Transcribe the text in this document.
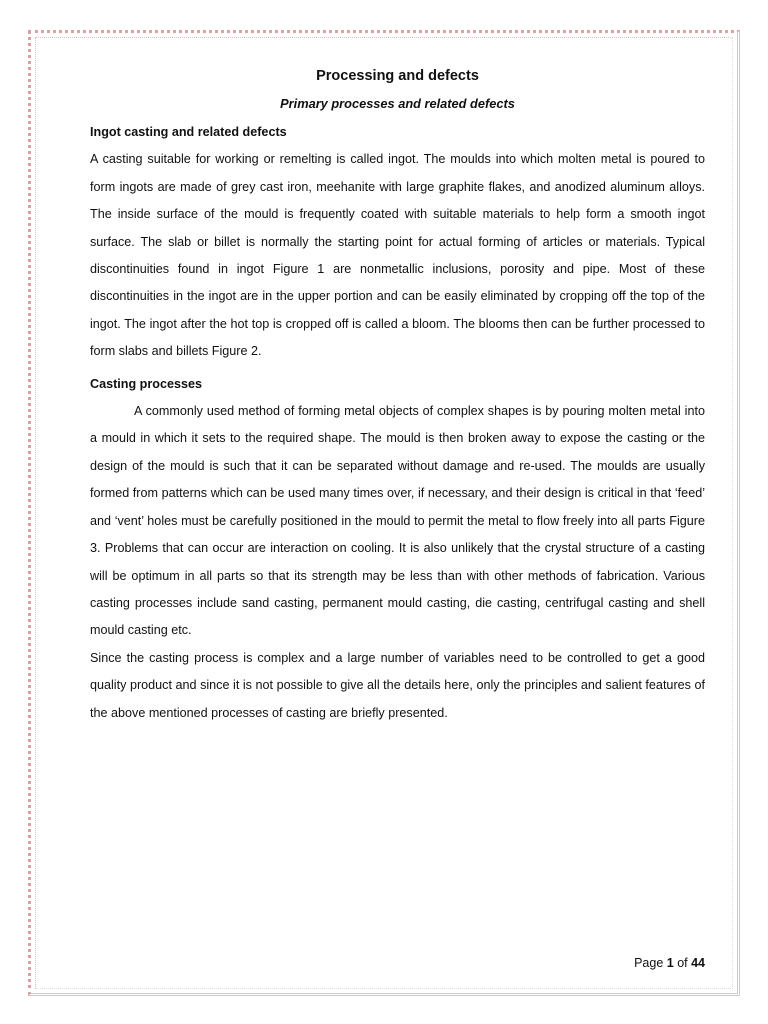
Processing and defects

Primary processes and related defects

Ingot casting and related defects

A casting suitable for working or remelting is called ingot. The moulds into which molten metal is poured to form ingots are made of grey cast iron, meehanite with large graphite flakes, and anodized aluminum alloys. The inside surface of the mould is frequently coated with suitable materials to help form a smooth ingot surface. The slab or billet is normally the starting point for actual forming of articles or materials. Typical discontinuities found in ingot Figure 1 are nonmetallic inclusions, porosity and pipe. Most of these discontinuities in the ingot are in the upper portion and can be easily eliminated by cropping off the top of the ingot. The ingot after the hot top is cropped off is called a bloom. The blooms then can be further processed to form slabs and billets Figure 2.

Casting processes

A commonly used method of forming metal objects of complex shapes is by pouring molten metal into a mould in which it sets to the required shape. The mould is then broken away to expose the casting or the design of the mould is such that it can be separated without damage and re-used. The moulds are usually formed from patterns which can be used many times over, if necessary, and their design is critical in that ‘feed’ and ‘vent’ holes must be carefully positioned in the mould to permit the metal to flow freely into all parts Figure 3. Problems that can occur are interaction on cooling. It is also unlikely that the crystal structure of a casting will be optimum in all parts so that its strength may be less than with other methods of fabrication. Various casting processes include sand casting, permanent mould casting, die casting, centrifugal casting and shell mould casting etc.

Since the casting process is complex and a large number of variables need to be controlled to get a good quality product and since it is not possible to give all the details here, only the principles and salient features of the above mentioned processes of casting are briefly presented.

Page 1 of 44
